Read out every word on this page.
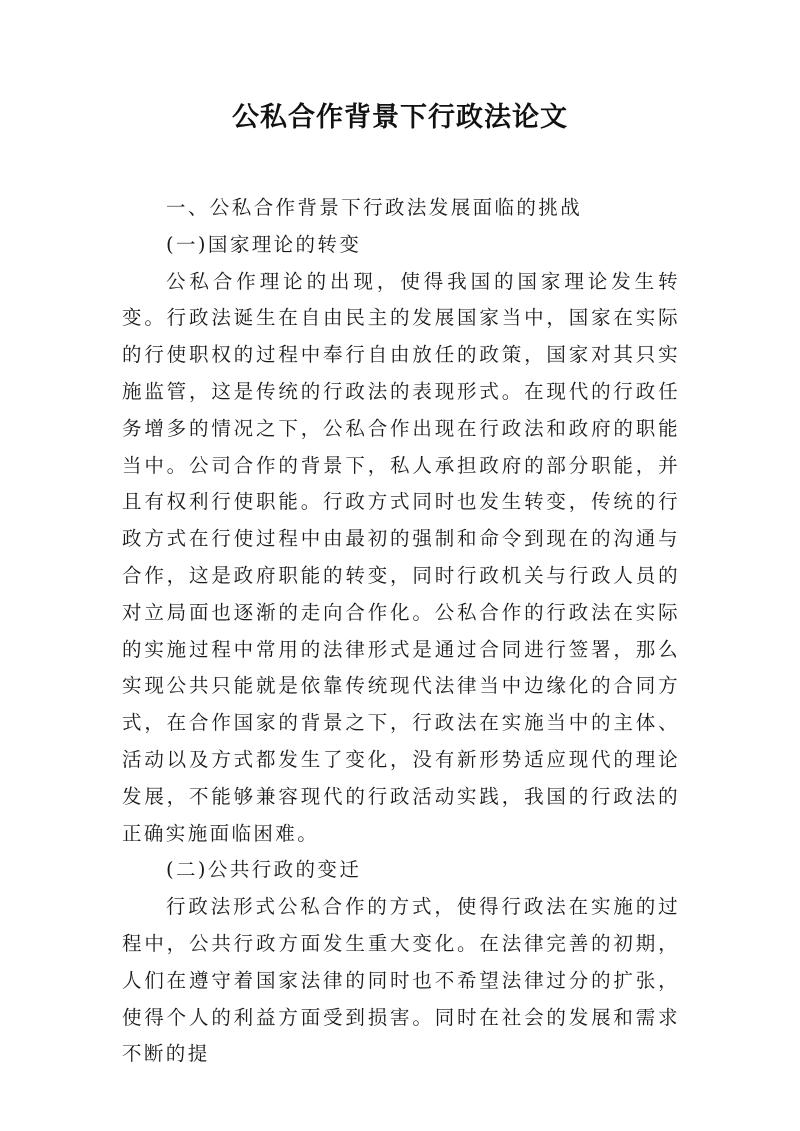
公私合作背景下行政法论文

一、公私合作背景下行政法发展面临的挑战

(一)国家理论的转变

公私合作理论的出现，使得我国的国家理论发生转变。行政法诞生在自由民主的发展国家当中，国家在实际的行使职权的过程中奉行自由放任的政策，国家对其只实施监管，这是传统的行政法的表现形式。在现代的行政任务增多的情况之下，公私合作出现在行政法和政府的职能当中。公司合作的背景下，私人承担政府的部分职能，并且有权利行使职能。行政方式同时也发生转变，传统的行政方式在行使过程中由最初的强制和命令到现在的沟通与合作，这是政府职能的转变，同时行政机关与行政人员的对立局面也逐渐的走向合作化。公私合作的行政法在实际的实施过程中常用的法律形式是通过合同进行签署，那么实现公共只能就是依靠传统现代法律当中边缘化的合同方式，在合作国家的背景之下，行政法在实施当中的主体、活动以及方式都发生了变化，没有新形势适应现代的理论发展，不能够兼容现代的行政活动实践，我国的行政法的正确实施面临困难。

(二)公共行政的变迁

行政法形式公私合作的方式，使得行政法在实施的过程中，公共行政方面发生重大变化。在法律完善的初期，人们在遵守着国家法律的同时也不希望法律过分的扩张，使得个人的利益方面受到损害。同时在社会的发展和需求不断的提
